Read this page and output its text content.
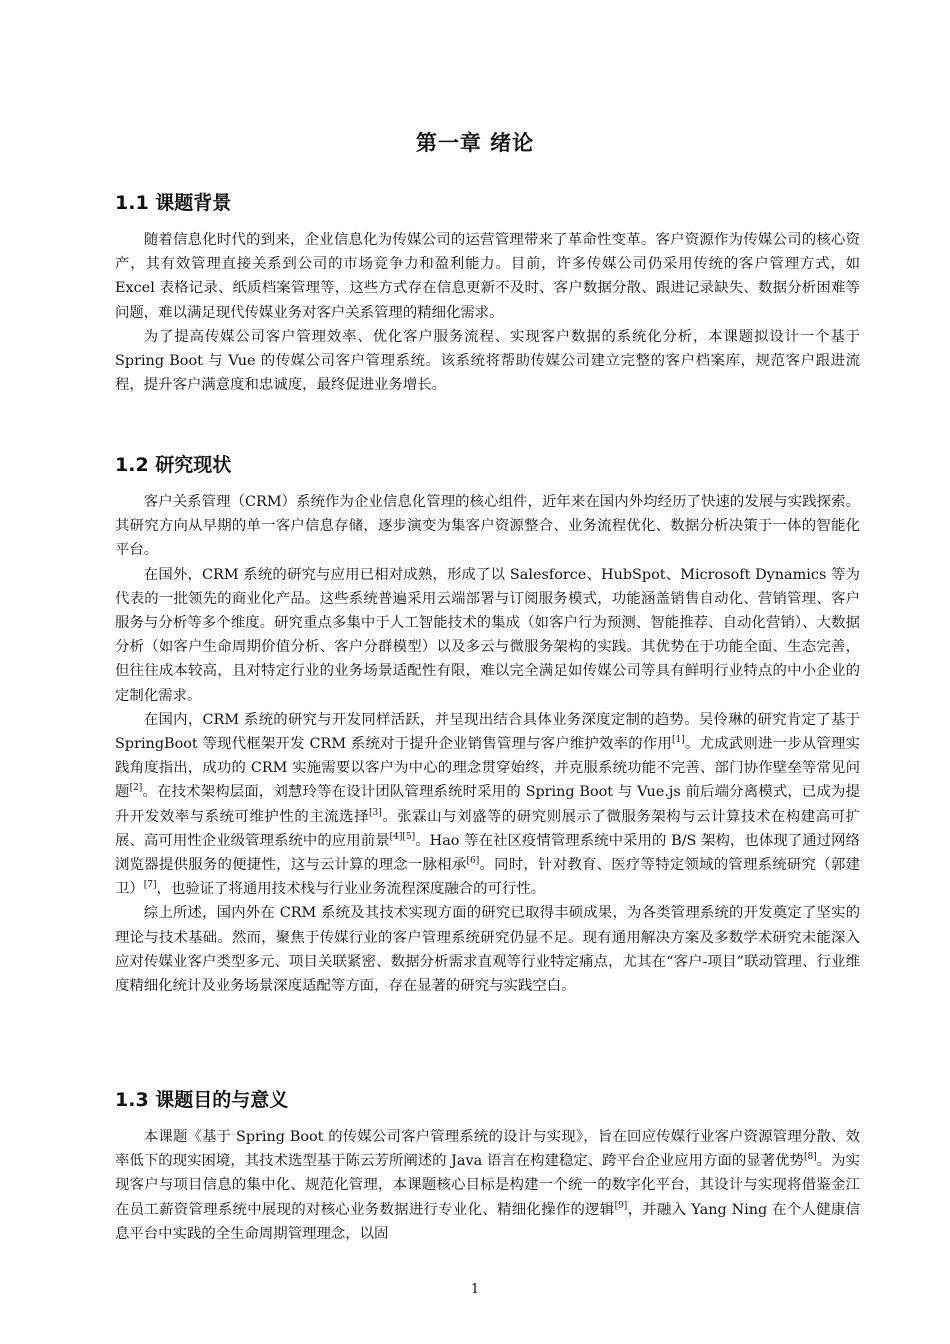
第一章 绪论
1.1 课题背景

随着信息化时代的到来，企业信息化为传媒公司的运营管理带来了革命性变革。客户资源作为传媒公司的核心资产，其有效管理直接关系到公司的市场竞争力和盈利能力。目前，许多传媒公司仍采用传统的客户管理方式，如 Excel 表格记录、纸质档案管理等，这些方式存在信息更新不及时、客户数据分散、跟进记录缺失、数据分析困难等问题，难以满足现代传媒业务对客户关系管理的精细化需求。

为了提高传媒公司客户管理效率、优化客户服务流程、实现客户数据的系统化分析，本课题拟设计一个基于 Spring Boot 与 Vue 的传媒公司客户管理系统。该系统将帮助传媒公司建立完整的客户档案库，规范客户跟进流程，提升客户满意度和忠诚度，最终促进业务增长。

1.2 研究现状

客户关系管理（CRM）系统作为企业信息化管理的核心组件，近年来在国内外均经历了快速的发展与实践探索。其研究方向从早期的单一客户信息存储，逐步演变为集客户资源整合、业务流程优化、数据分析决策于一体的智能化平台。

在国外，CRM 系统的研究与应用已相对成熟，形成了以 Salesforce、HubSpot、Microsoft Dynamics 等为代表的一批领先的商业化产品。这些系统普遍采用云端部署与订阅服务模式，功能涵盖销售自动化、营销管理、客户服务与分析等多个维度。研究重点多集中于人工智能技术的集成（如客户行为预测、智能推荐、自动化营销）、大数据分析（如客户生命周期价值分析、客户分群模型）以及多云与微服务架构的实践。其优势在于功能全面、生态完善，但往往成本较高，且对特定行业的业务场景适配性有限，难以完全满足如传媒公司等具有鲜明行业特点的中小企业的定制化需求。

在国内，CRM 系统的研究与开发同样活跃，并呈现出结合具体业务深度定制的趋势。吴伶琳的研究肯定了基于 SpringBoot 等现代框架开发 CRM 系统对于提升企业销售管理与客户维护效率的作用[1]。尤成武则进一步从管理实践角度指出，成功的 CRM 实施需要以客户为中心的理念贯穿始终，并克服系统功能不完善、部门协作壁垒等常见问题[2]。在技术架构层面，刘慧玲等在设计团队管理系统时采用的 Spring Boot 与 Vue.js 前后端分离模式，已成为提升开发效率与系统可维护性的主流选择[3]。张霖山与刘盛等的研究则展示了微服务架构与云计算技术在构建高可扩展、高可用性企业级管理系统中的应用前景[4][5]。Hao 等在社区疫情管理系统中采用的 B/S 架构，也体现了通过网络浏览器提供服务的便捷性，这与云计算的理念一脉相承[6]。同时，针对教育、医疗等特定领域的管理系统研究（郭建卫）[7]，也验证了将通用技术栈与行业业务流程深度融合的可行性。

综上所述，国内外在 CRM 系统及其技术实现方面的研究已取得丰硕成果，为各类管理系统的开发奠定了坚实的理论与技术基础。然而，聚焦于传媒行业的客户管理系统研究仍显不足。现有通用解决方案及多数学术研究未能深入应对传媒业客户类型多元、项目关联紧密、数据分析需求直观等行业特定痛点，尤其在“客户-项目”联动管理、行业维度精细化统计及业务场景深度适配等方面，存在显著的研究与实践空白。

1.3 课题目的与意义

本课题《基于 Spring Boot 的传媒公司客户管理系统的设计与实现》，旨在回应传媒行业客户资源管理分散、效率低下的现实困境，其技术选型基于陈云芳所阐述的 Java 语言在构建稳定、跨平台企业应用方面的显著优势[8]。为实现客户与项目信息的集中化、规范化管理，本课题核心目标是构建一个统一的数字化平台，其设计与实现将借鉴金江在员工薪资管理系统中展现的对核心业务数据进行专业化、精细化操作的逻辑[9]，并融入 Yang Ning 在个人健康信息平台中实践的全生命周期管理理念，以固

1
